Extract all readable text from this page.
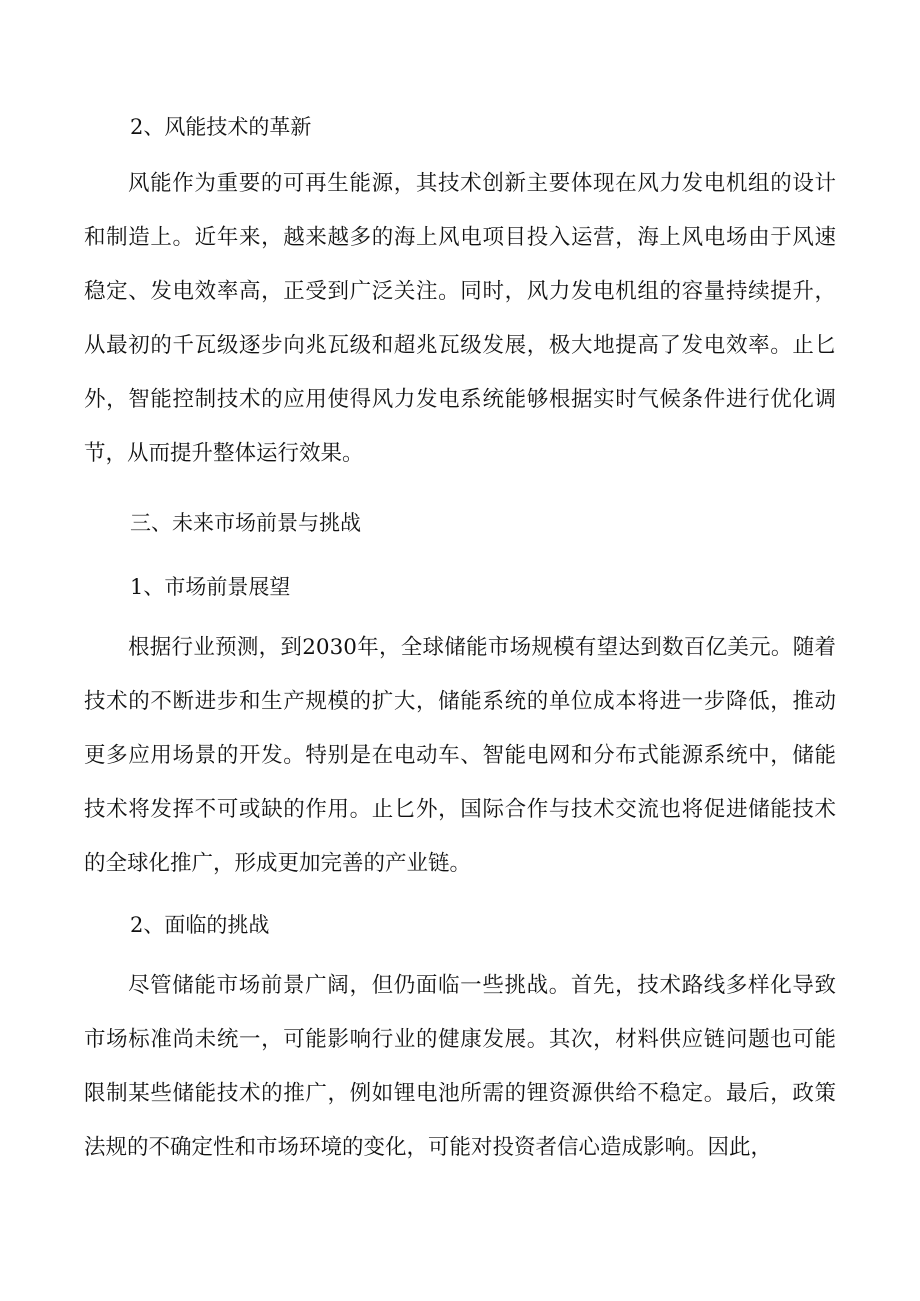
2、风能技术的革新

风能作为重要的可再生能源，其技术创新主要体现在风力发电机组的设计和制造上。近年来，越来越多的海上风电项目投入运营，海上风电场由于风速稳定、发电效率高，正受到广泛关注。同时，风力发电机组的容量持续提升，从最初的千瓦级逐步向兆瓦级和超兆瓦级发展，极大地提高了发电效率。止匕外，智能控制技术的应用使得风力发电系统能够根据实时气候条件进行优化调节，从而提升整体运行效果。

三、未来市场前景与挑战
1、市场前景展望

根据行业预测，到2030年，全球储能市场规模有望达到数百亿美元。随着技术的不断进步和生产规模的扩大，储能系统的单位成本将进一步降低，推动更多应用场景的开发。特别是在电动车、智能电网和分布式能源系统中，储能技术将发挥不可或缺的作用。止匕外，国际合作与技术交流也将促进储能技术的全球化推广，形成更加完善的产业链。

2、面临的挑战

尽管储能市场前景广阔，但仍面临一些挑战。首先，技术路线多样化导致市场标准尚未统一，可能影响行业的健康发展。其次，材料供应链问题也可能限制某些储能技术的推广，例如锂电池所需的锂资源供给不稳定。最后，政策法规的不确定性和市场环境的变化，可能对投资者信心造成影响。因此，
